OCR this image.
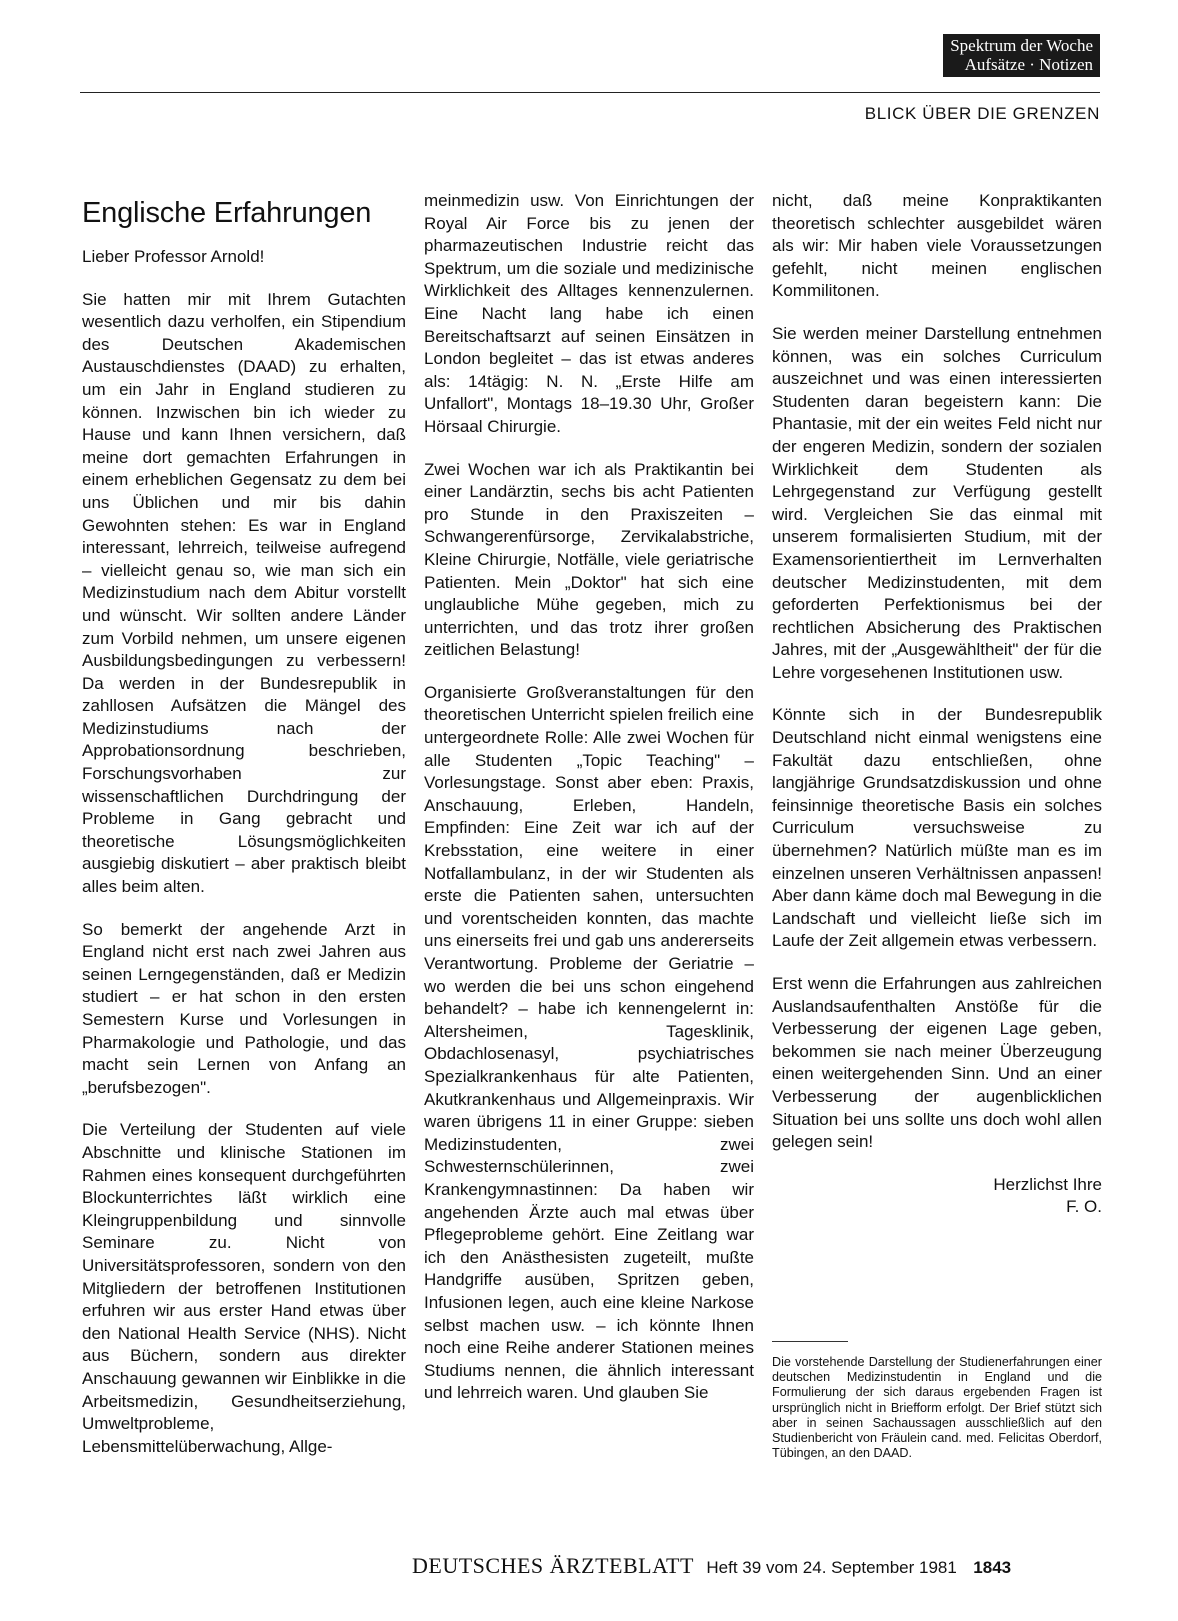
Spektrum der Woche
Aufsätze · Notizen
BLICK ÜBER DIE GRENZEN
Englische Erfahrungen

Lieber Professor Arnold!

Sie hatten mir mit Ihrem Gutachten wesentlich dazu verholfen, ein Stipendium des Deutschen Akademischen Austauschdienstes (DAAD) zu erhalten, um ein Jahr in England studieren zu können. Inzwischen bin ich wieder zu Hause und kann Ihnen versichern, daß meine dort gemachten Erfahrungen in einem erheblichen Gegensatz zu dem bei uns Üblichen und mir bis dahin Gewohnten stehen: Es war in England interessant, lehrreich, teilweise aufregend – vielleicht genau so, wie man sich ein Medizinstudium nach dem Abitur vorstellt und wünscht. Wir sollten andere Länder zum Vorbild nehmen, um unsere eigenen Ausbildungsbedingungen zu verbessern! Da werden in der Bundesrepublik in zahllosen Aufsätzen die Mängel des Medizinstudiums nach der Approbationsordnung beschrieben, Forschungsvorhaben zur wissenschaftlichen Durchdringung der Probleme in Gang gebracht und theoretische Lösungsmöglichkeiten ausgiebig diskutiert – aber praktisch bleibt alles beim alten.

So bemerkt der angehende Arzt in England nicht erst nach zwei Jahren aus seinen Lerngegenständen, daß er Medizin studiert – er hat schon in den ersten Semestern Kurse und Vorlesungen in Pharmakologie und Pathologie, und das macht sein Lernen von Anfang an „berufsbezogen".

Die Verteilung der Studenten auf viele Abschnitte und klinische Stationen im Rahmen eines konsequent durchgeführten Blockunterrichtes läßt wirklich eine Kleingruppenbildung und sinnvolle Seminare zu. Nicht von Universitätsprofessoren, sondern von den Mitgliedern der betroffenen Institutionen erfuhren wir aus erster Hand etwas über den National Health Service (NHS). Nicht aus Büchern, sondern aus direkter Anschauung gewannen wir Einblikke in die Arbeitsmedizin, Gesundheitserziehung, Umweltprobleme, Lebensmittelüberwachung, Allge-

meinmedizin usw. Von Einrichtungen der Royal Air Force bis zu jenen der pharmazeutischen Industrie reicht das Spektrum, um die soziale und medizinische Wirklichkeit des Alltages kennenzulernen. Eine Nacht lang habe ich einen Bereitschaftsarzt auf seinen Einsätzen in London begleitet – das ist etwas anderes als: 14tägig: N. N. „Erste Hilfe am Unfallort", Montags 18–19.30 Uhr, Großer Hörsaal Chirurgie.

Zwei Wochen war ich als Praktikantin bei einer Landärztin, sechs bis acht Patienten pro Stunde in den Praxiszeiten – Schwangerenfürsorge, Zervikalabstriche, Kleine Chirurgie, Notfälle, viele geriatrische Patienten. Mein „Doktor" hat sich eine unglaubliche Mühe gegeben, mich zu unterrichten, und das trotz ihrer großen zeitlichen Belastung!

Organisierte Großveranstaltungen für den theoretischen Unterricht spielen freilich eine untergeordnete Rolle: Alle zwei Wochen für alle Studenten „Topic Teaching" – Vorlesungstage. Sonst aber eben: Praxis, Anschauung, Erleben, Handeln, Empfinden: Eine Zeit war ich auf der Krebsstation, eine weitere in einer Notfallambulanz, in der wir Studenten als erste die Patienten sahen, untersuchten und vorentscheiden konnten, das machte uns einerseits frei und gab uns andererseits Verantwortung. Probleme der Geriatrie – wo werden die bei uns schon eingehend behandelt? – habe ich kennengelernt in: Altersheimen, Tagesklinik, Obdachlosenasyl, psychiatrisches Spezialkrankenhaus für alte Patienten, Akutkrankenhaus und Allgemeinpraxis. Wir waren übrigens 11 in einer Gruppe: sieben Medizinstudenten, zwei Schwesternschülerinnen, zwei Krankengymnastinnen: Da haben wir angehenden Ärzte auch mal etwas über Pflegeprobleme gehört. Eine Zeitlang war ich den Anästhesisten zugeteilt, mußte Handgriffe ausüben, Spritzen geben, Infusionen legen, auch eine kleine Narkose selbst machen usw. – ich könnte Ihnen noch eine Reihe anderer Stationen meines Studiums nennen, die ähnlich interessant und lehrreich waren. Und glauben Sie

nicht, daß meine Konpraktikanten theoretisch schlechter ausgebildet wären als wir: Mir haben viele Voraussetzungen gefehlt, nicht meinen englischen Kommilitonen.

Sie werden meiner Darstellung entnehmen können, was ein solches Curriculum auszeichnet und was einen interessierten Studenten daran begeistern kann: Die Phantasie, mit der ein weites Feld nicht nur der engeren Medizin, sondern der sozialen Wirklichkeit dem Studenten als Lehrgegenstand zur Verfügung gestellt wird. Vergleichen Sie das einmal mit unserem formalisierten Studium, mit der Examensorientiertheit im Lernverhalten deutscher Medizinstudenten, mit dem geforderten Perfektionismus bei der rechtlichen Absicherung des Praktischen Jahres, mit der „Ausgewähltheit" der für die Lehre vorgesehenen Institutionen usw.

Könnte sich in der Bundesrepublik Deutschland nicht einmal wenigstens eine Fakultät dazu entschließen, ohne langjährige Grundsatzdiskussion und ohne feinsinnige theoretische Basis ein solches Curriculum versuchsweise zu übernehmen? Natürlich müßte man es im einzelnen unseren Verhältnissen anpassen! Aber dann käme doch mal Bewegung in die Landschaft und vielleicht ließe sich im Laufe der Zeit allgemein etwas verbessern.

Erst wenn die Erfahrungen aus zahlreichen Auslandsaufenthalten Anstöße für die Verbesserung der eigenen Lage geben, bekommen sie nach meiner Überzeugung einen weitergehenden Sinn. Und an einer Verbesserung der augenblicklichen Situation bei uns sollte uns doch wohl allen gelegen sein!

Herzlichst Ihre
F. O.
Die vorstehende Darstellung der Studienerfahrungen einer deutschen Medizinstudentin in England und die Formulierung der sich daraus ergebenden Fragen ist ursprünglich nicht in Briefform erfolgt. Der Brief stützt sich aber in seinen Sachaussagen ausschließlich auf den Studienbericht von Fräulein cand. med. Felicitas Oberdorf, Tübingen, an den DAAD.
DEUTSCHES ÄRZTEBLATT Heft 39 vom 24. September 1981 1843
